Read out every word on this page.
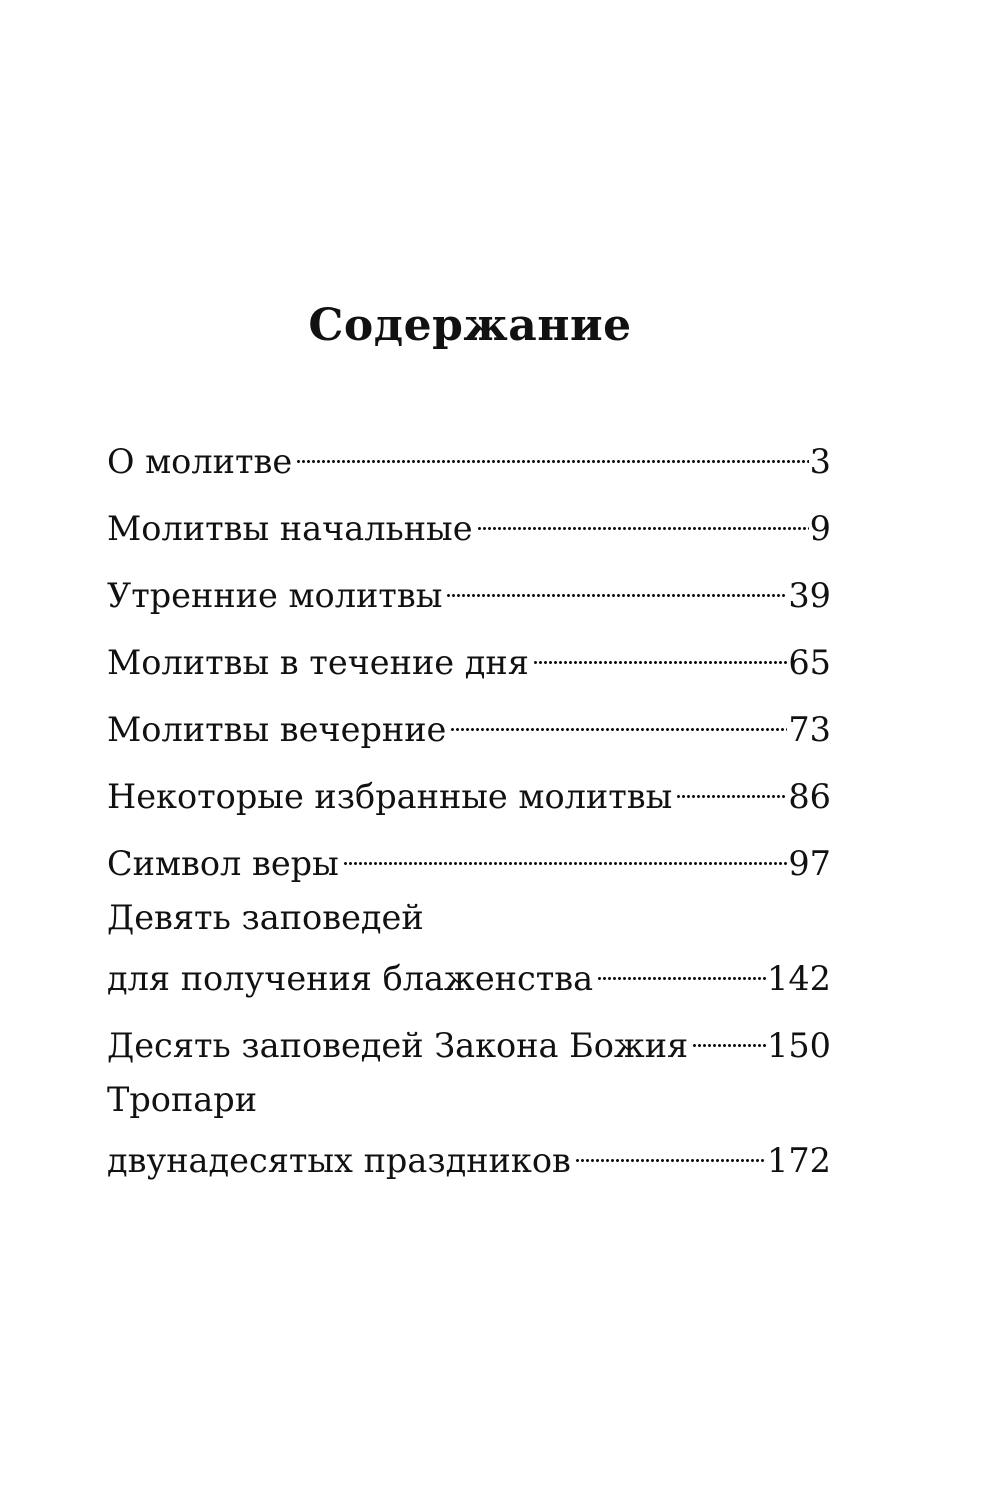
Содержание
О молитве	3
Молитвы начальные	9
Утренние молитвы	39
Молитвы в течение дня	65
Молитвы вечерние	73
Некоторые избранные молитвы	86
Символ веры	97
Девять заповедей
для получения блаженства	142
Десять заповедей Закона Божия 150
Тропари
двунадесятых праздников	172
